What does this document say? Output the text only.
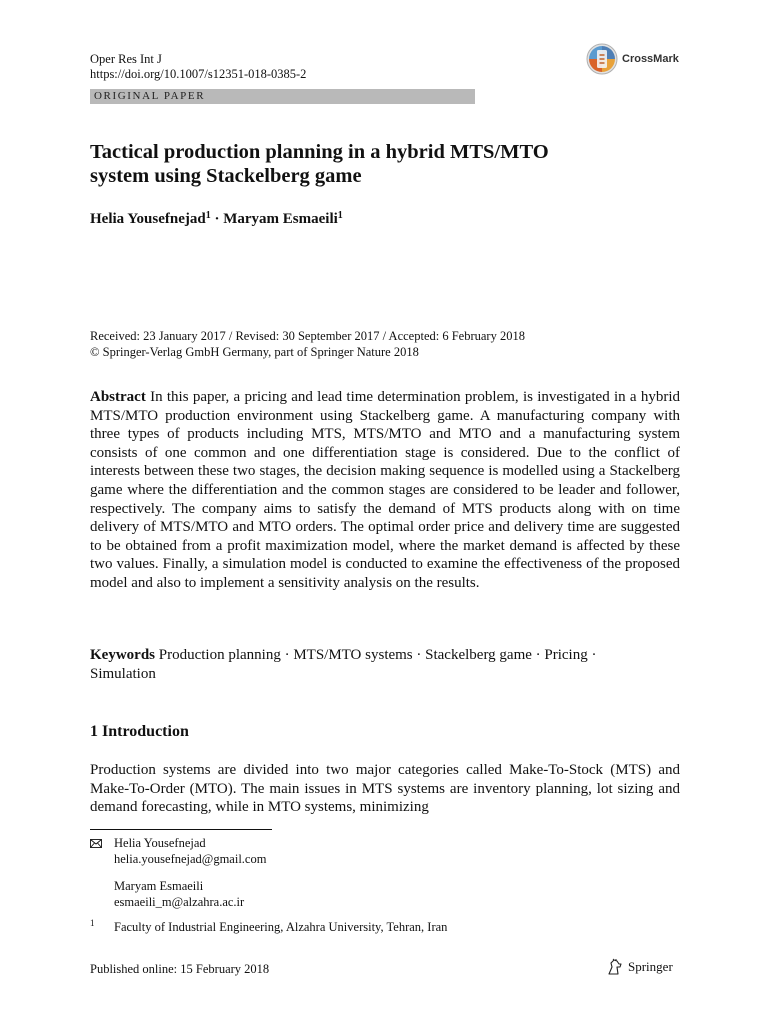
Oper Res Int J
https://doi.org/10.1007/s12351-018-0385-2
CrossMark
ORIGINAL PAPER
Tactical production planning in a hybrid MTS/MTO
system using Stackelberg game
Helia Yousefnejad$^1$ · Maryam Esmaeili$^1$
Received: 23 January 2017 / Revised: 30 September 2017 / Accepted: 6 February 2018
© Springer-Verlag GmbH Germany, part of Springer Nature 2018
Abstract In this paper, a pricing and lead time determination problem, is investigated in a hybrid MTS/MTO production environment using Stackelberg game. A manufacturing company with three types of products including MTS, MTS/MTO and MTO and a manufacturing system consists of one common and one differentiation stage is considered. Due to the conflict of interests between these two stages, the decision making sequence is modelled using a Stackelberg game where the differentiation and the common stages are considered to be leader and follower, respectively. The company aims to satisfy the demand of MTS products along with on time delivery of MTS/MTO and MTO orders. The optimal order price and delivery time are suggested to be obtained from a profit maximization model, where the market demand is affected by these two values. Finally, a simulation model is conducted to examine the effectiveness of the proposed model and also to implement a sensitivity analysis on the results.
Keywords Production planning · MTS/MTO systems · Stackelberg game · Pricing · Simulation
1 Introduction
Production systems are divided into two major categories called Make-To-Stock (MTS) and Make-To-Order (MTO). The main issues in MTS systems are inventory planning, lot sizing and demand forecasting, while in MTO systems, minimizing
Helia Yousefnejad
helia.yousefnejad@gmail.com
Maryam Esmaeili
esmaeili_m@alzahra.ac.ir
1 Faculty of Industrial Engineering, Alzahra University, Tehran, Iran
Published online: 15 February 2018	Springer
